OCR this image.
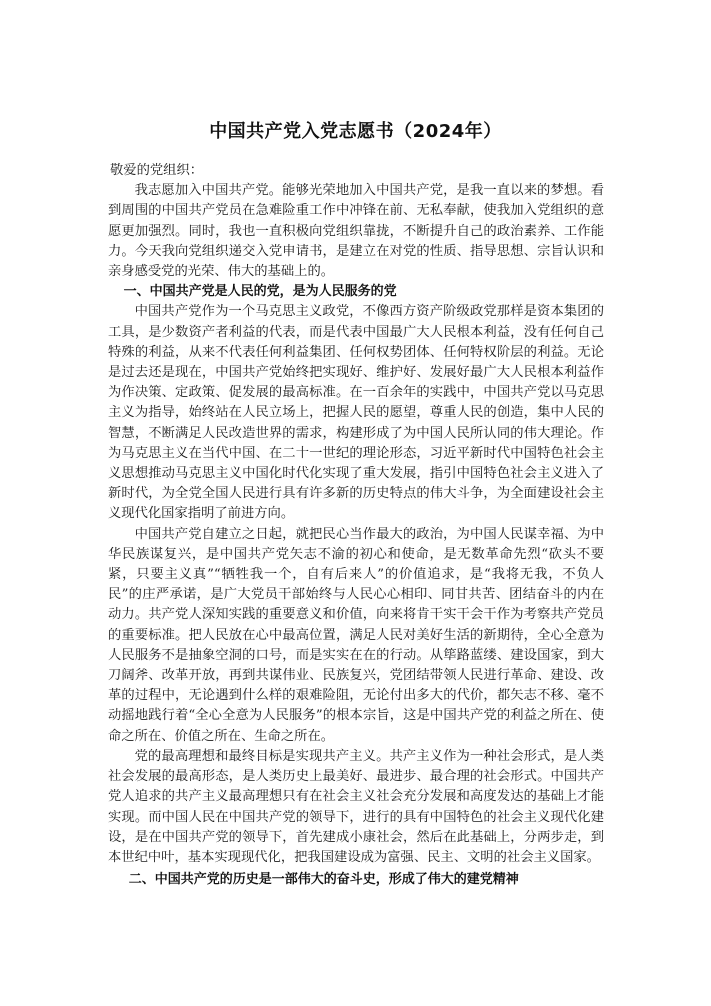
中国共产党入党志愿书（2024年）

敬爱的党组织：

我志愿加入中国共产党。能够光荣地加入中国共产党，是我一直以来的梦想。看到周围的中国共产党员在急难险重工作中冲锋在前、无私奉献，使我加入党组织的意愿更加强烈。同时，我也一直积极向党组织靠拢，不断提升自己的政治素养、工作能力。今天我向党组织递交入党申请书，是建立在对党的性质、指导思想、宗旨认识和亲身感受党的光荣、伟大的基础上的。

一、中国共产党是人民的党，是为人民服务的党

中国共产党作为一个马克思主义政党，不像西方资产阶级政党那样是资本集团的工具，是少数资产者利益的代表，而是代表中国最广大人民根本利益，没有任何自己特殊的利益，从来不代表任何利益集团、任何权势团体、任何特权阶层的利益。无论是过去还是现在，中国共产党始终把实现好、维护好、发展好最广大人民根本利益作为作决策、定政策、促发展的最高标准。在一百余年的实践中，中国共产党以马克思主义为指导，始终站在人民立场上，把握人民的愿望，尊重人民的创造，集中人民的智慧，不断满足人民改造世界的需求，构建形成了为中国人民所认同的伟大理论。作为马克思主义在当代中国、在二十一世纪的理论形态，习近平新时代中国特色社会主义思想推动马克思主义中国化时代化实现了重大发展，指引中国特色社会主义进入了新时代，为全党全国人民进行具有许多新的历史特点的伟大斗争，为全面建设社会主义现代化国家指明了前进方向。

中国共产党自建立之日起，就把民心当作最大的政治，为中国人民谋幸福、为中华民族谋复兴，是中国共产党矢志不渝的初心和使命，是无数革命先烈“砍头不要紧，只要主义真”“牺牲我一个，自有后来人”的价值追求，是“我将无我，不负人民”的庄严承诺，是广大党员干部始终与人民心心相印、同甘共苦、团结奋斗的内在动力。共产党人深知实践的重要意义和价值，向来将肯干实干会干作为考察共产党员的重要标准。把人民放在心中最高位置，满足人民对美好生活的新期待，全心全意为人民服务不是抽象空洞的口号，而是实实在在的行动。从筚路蓝缕、建设国家，到大刀阔斧、改革开放，再到共谋伟业、民族复兴，党团结带领人民进行革命、建设、改革的过程中，无论遇到什么样的艰难险阻，无论付出多大的代价，都矢志不移、毫不动摇地践行着“全心全意为人民服务”的根本宗旨，这是中国共产党的利益之所在、使命之所在、价值之所在、生命之所在。

党的最高理想和最终目标是实现共产主义。共产主义作为一种社会形式，是人类社会发展的最高形态，是人类历史上最美好、最进步、最合理的社会形式。中国共产党人追求的共产主义最高理想只有在社会主义社会充分发展和高度发达的基础上才能实现。而中国人民在中国共产党的领导下，进行的具有中国特色的社会主义现代化建设，是在中国共产党的领导下，首先建成小康社会，然后在此基础上，分两步走，到本世纪中叶，基本实现现代化，把我国建设成为富强、民主、文明的社会主义国家。

二、中国共产党的历史是一部伟大的奋斗史，形成了伟大的建党精神
